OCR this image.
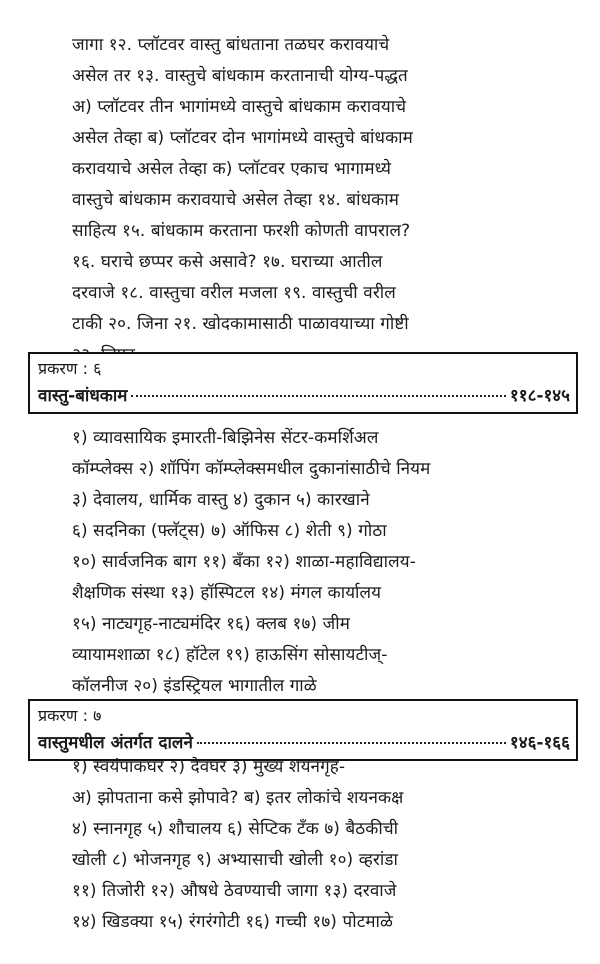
जागा १२. प्लॉटवर वास्तु बांधताना तळघर करावयाचे
असेल तर १३. वास्तुचे बांधकाम करतानाची योग्य-पद्धत
अ) प्लॉटवर तीन भागांमध्ये वास्तुचे बांधकाम करावयाचे
असेल तेव्हा ब) प्लॉटवर दोन भागांमध्ये वास्तुचे बांधकाम
करावयाचे असेल तेव्हा क) प्लॉटवर एकाच भागामध्ये
वास्तुचे बांधकाम करावयाचे असेल तेव्हा १४. बांधकाम
साहित्य १५. बांधकाम करताना फरशी कोणती वापराल?
१६. घराचे छप्पर कसे असावे? १७. घराच्या आतील
दरवाजे १८. वास्तुचा वरील मजला १९. वास्तुची वरील
टाकी २०. जिना २१. खोदकामासाठी पाळावयाच्या गोष्टी

प्रकरण : ६
वास्तु-बांधकाम	११८-१४५
१) व्यावसायिक इमारती-बिझिनेस सेंटर-कमर्शिअल
कॉम्प्लेक्स २) शॉपिंग कॉम्प्लेक्समधील दुकानांसाठीचे नियम
३) देवालय, धार्मिक वास्तु ४) दुकान ५) कारखाने
६) सदनिका (फ्लॅट्स) ७) ऑफिस ८) शेती ९) गोठा
१०) सार्वजनिक बाग ११) बँका १२) शाळा-महाविद्यालय-
शैक्षणिक संस्था १३) हॉस्पिटल १४) मंगल कार्यालय
१५) नाट्यगृह-नाट्यमंदिर १६) क्लब १७) जीम
व्यायामशाळा १८) हॉटेल १९) हाऊसिंग सोसायटीज्-
कॉलनीज २०) इंडस्ट्रियल भागातील गाळे
प्रकरण : ७
वास्तुमधील अंतर्गत दालने	१४६-१६६
१) स्वयंपाकघर २) देवघर ३) मुख्य शयनगृह-
अ) झोपताना कसे झोपावे? ब) इतर लोकांचे शयनकक्ष
४) स्नानगृह ५) शौचालय ६) सेप्टिक टँक ७) बैठकीची
खोली ८) भोजनगृह ९) अभ्यासाची खोली १०) व्हरांडा
११) तिजोरी १२) औषधे ठेवण्याची जागा १३) दरवाजे
१४) खिडक्या १५) रंगरंगोटी १६) गच्ची १७) पोटमाळे
